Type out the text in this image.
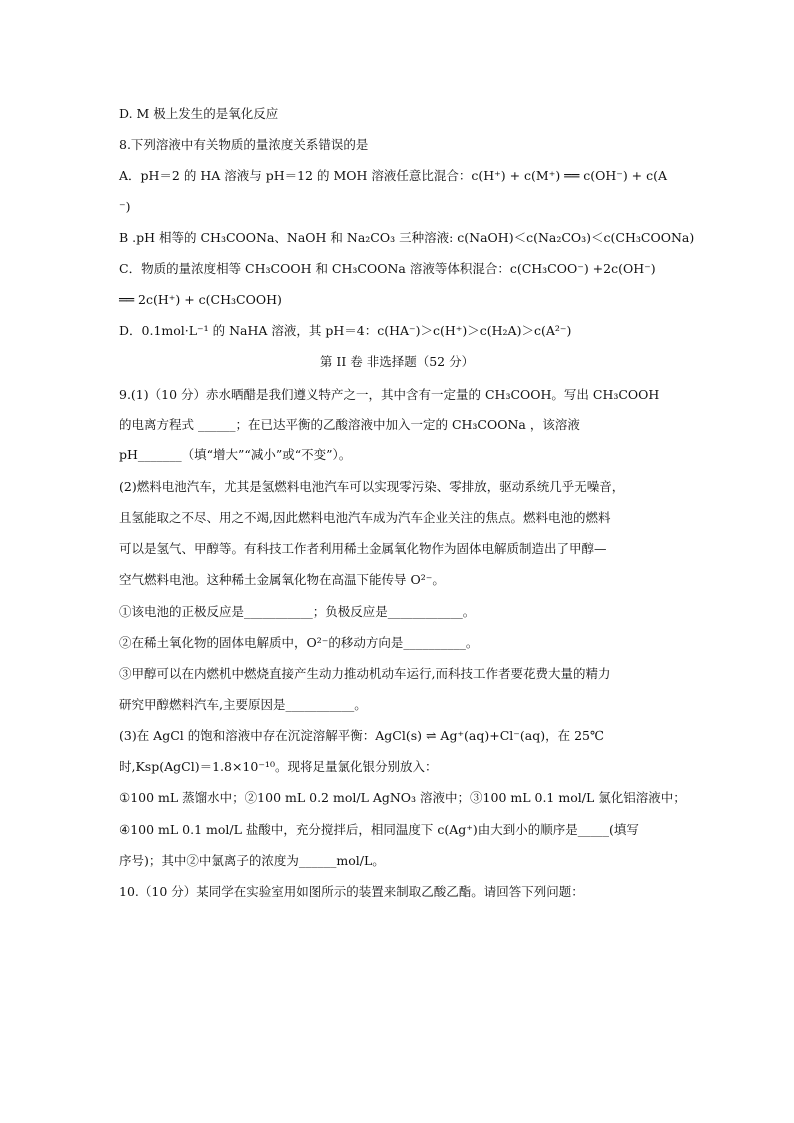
D. M 极上发生的是氧化反应
8.下列溶液中有关物质的量浓度关系错误的是
A．pH＝2 的 HA 溶液与 pH＝12 的 MOH 溶液任意比混合：c(H⁺) + c(M⁺) ══ c(OH⁻) + c(A
⁻)
B .pH 相等的 CH₃COONa、NaOH 和 Na₂CO₃ 三种溶液: c(NaOH)＜c(Na₂CO₃)＜c(CH₃COONa)
C．物质的量浓度相等 CH₃COOH 和 CH₃COONa 溶液等体积混合：c(CH₃COO⁻) +2c(OH⁻)
══ 2c(H⁺) + c(CH₃COOH)
D．0.1mol·L⁻¹ 的 NaHA 溶液，其 pH＝4：c(HA⁻)＞c(H⁺)＞c(H₂A)＞c(A²⁻)
第 II 卷 非选择题（52 分）
9.(1)（10 分）赤水晒醋是我们遵义特产之一，其中含有一定量的 CH₃COOH。写出 CH₃COOH
的电离方程式 ______；在已达平衡的乙酸溶液中加入一定的 CH₃COONa ，该溶液
pH_______（填“增大”“减小”或“不变”）。
(2)燃料电池汽车，尤其是氢燃料电池汽车可以实现零污染、零排放，驱动系统几乎无噪音，
且氢能取之不尽、用之不竭,因此燃料电池汽车成为汽车企业关注的焦点。燃料电池的燃料
可以是氢气、甲醇等。有科技工作者利用稀土金属氧化物作为固体电解质制造出了甲醇—
空气燃料电池。这种稀土金属氧化物在高温下能传导 O²⁻。
①该电池的正极反应是___________；负极反应是____________。
②在稀土氧化物的固体电解质中，O²⁻的移动方向是__________。
③甲醇可以在内燃机中燃烧直接产生动力推动机动车运行,而科技工作者要花费大量的精力
研究甲醇燃料汽车,主要原因是___________。
(3)在 AgCl 的饱和溶液中存在沉淀溶解平衡：AgCl(s) ⇌ Ag⁺(aq)+Cl⁻(aq)，在 25℃
时,Ksp(AgCl)＝1.8×10⁻¹⁰。现将足量氯化银分别放入：
①100 mL 蒸馏水中；②100 mL 0.2 mol/L AgNO₃ 溶液中；③100 mL 0.1 mol/L 氯化铝溶液中；
④100 mL 0.1 mol/L 盐酸中，充分搅拌后，相同温度下 c(Ag⁺)由大到小的顺序是_____(填写
序号)；其中②中氯离子的浓度为______mol/L。
10.（10 分）某同学在实验室用如图所示的装置来制取乙酸乙酯。请回答下列问题：
